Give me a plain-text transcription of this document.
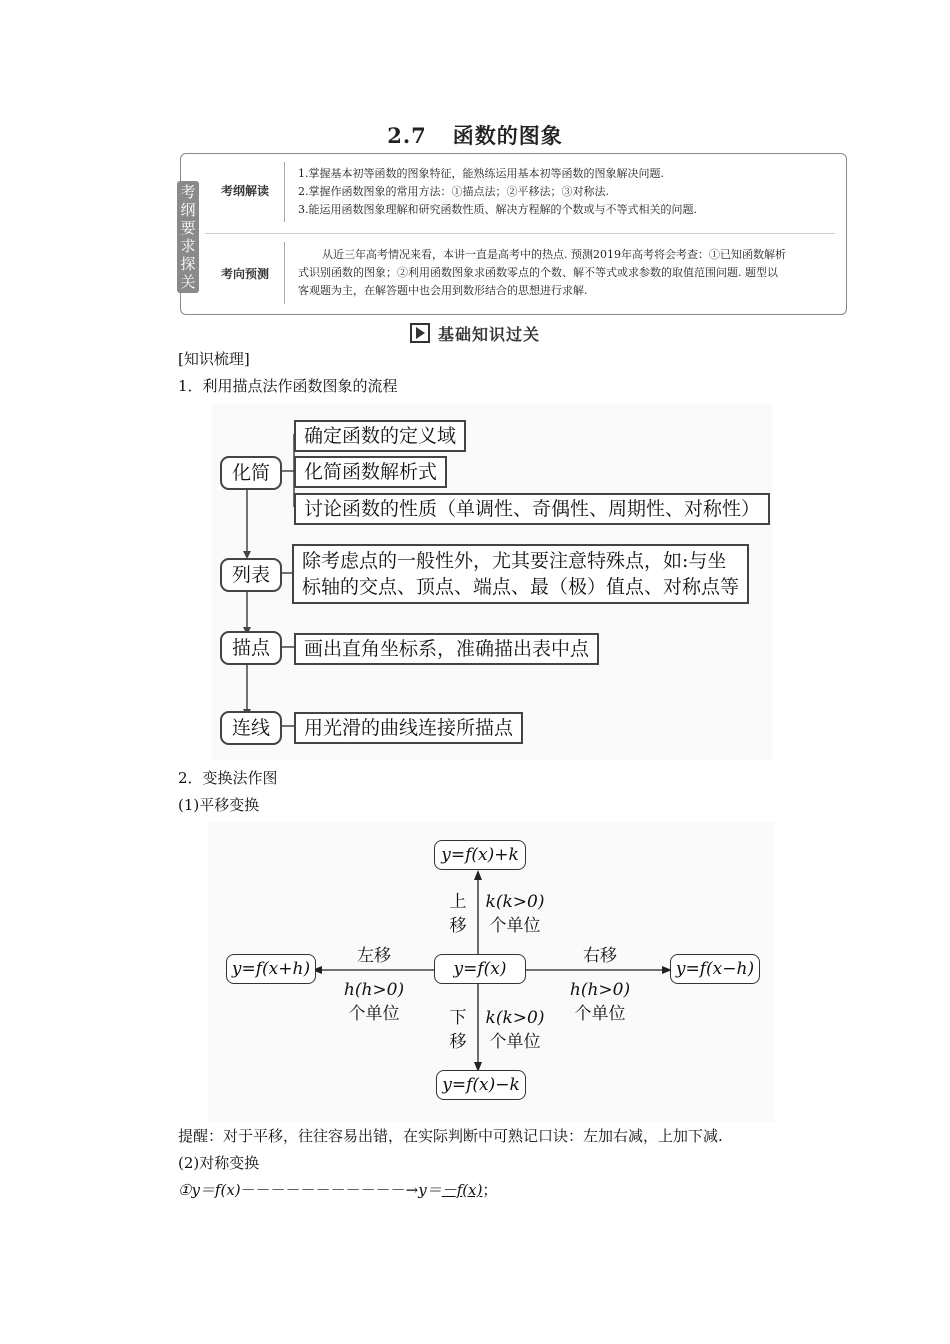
2.7 函数的图象
考
纲
要
求
探
关
考纲解读
1.掌握基本初等函数的图象特征，能熟练运用基本初等函数的图象解决问题.
2.掌握作函数图象的常用方法：①描点法；②平移法；③对称法.
3.能运用函数图象理解和研究函数性质、解决方程解的个数或与不等式相关的问题.
考向预测
从近三年高考情况来看，本讲一直是高考中的热点. 预测2019年高考将会考查：①已知函数解析
式识别函数的图象；②利用函数图象求函数零点的个数、解不等式或求参数的取值范围问题. 题型以
客观题为主，在解答题中也会用到数形结合的思想进行求解.
基础知识过关
[知识梳理]
1．利用描点法作函数图象的流程
化简
确定函数的定义域
化简函数解析式
讨论函数的性质（单调性、奇偶性、周期性、对称性）
列表
除考虑点的一般性外，尤其要注意特殊点，如:与坐
标轴的交点、顶点、端点、最（极）值点、对称点等
描点	画出直角坐标系，准确描出表中点
连线	用光滑的曲线连接所描点
2．变换法作图
(1)平移变换
y=f(x)
y=f(x)+k
y=f(x)−k
y=f(x+h)	y=f(x−h)
上
移
k(k>0)
个单位
下
移
k(k>0)
个单位
左移
h(h>0)
个单位
右移
h(h>0)
个单位
提醒：对于平移，往往容易出错，在实际判断中可熟记口诀：左加右减，上加下减.
(2)对称变换
①y＝f(x)－－－－－－－－－－－→y＝－f(x)；
